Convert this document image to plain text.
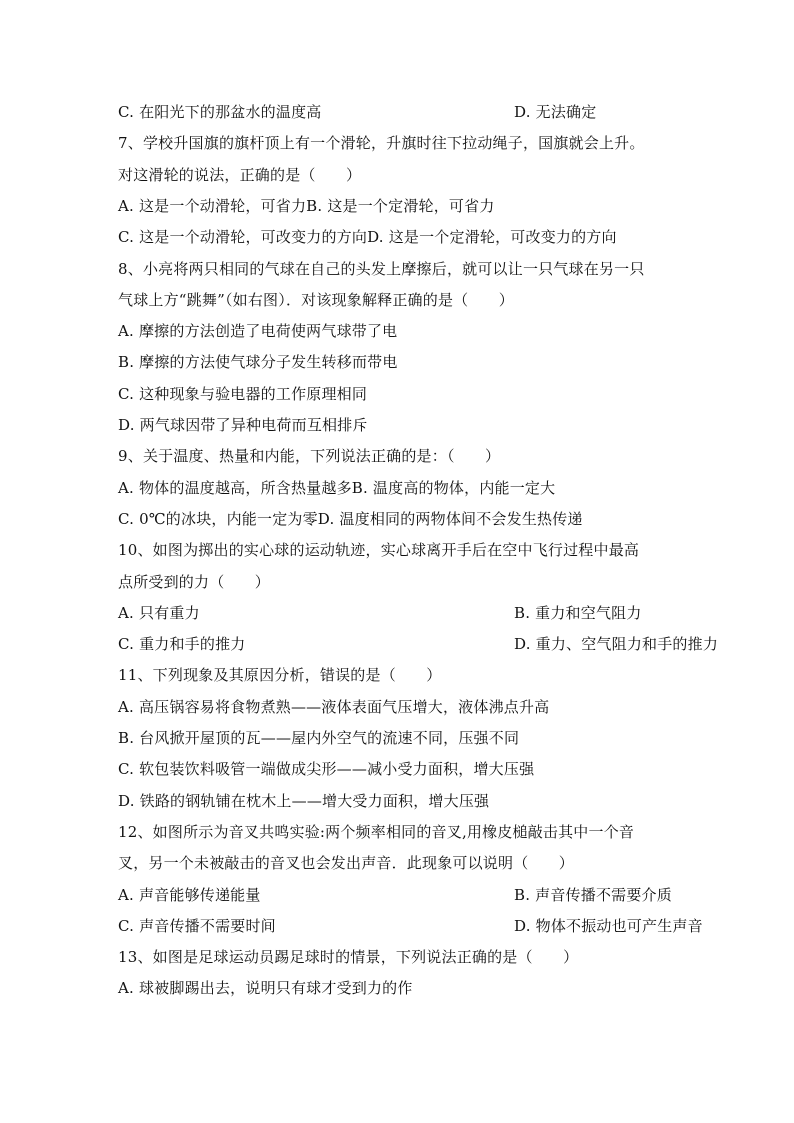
C. 在阳光下的那盆水的温度高	D. 无法确定
7、学校升国旗的旗杆顶上有一个滑轮，升旗时往下拉动绳子，国旗就会上升。
对这滑轮的说法，正确的是（　　）
A. 这是一个动滑轮，可省力B. 这是一个定滑轮，可省力
C. 这是一个动滑轮，可改变力的方向D. 这是一个定滑轮，可改变力的方向
8、小亮将两只相同的气球在自己的头发上摩擦后，就可以让一只气球在另一只
气球上方“跳舞”（如右图）．对该现象解释正确的是（　　）
A. 摩擦的方法创造了电荷使两气球带了电
B. 摩擦的方法使气球分子发生转移而带电
C. 这种现象与验电器的工作原理相同
D. 两气球因带了异种电荷而互相排斥
9、关于温度、热量和内能，下列说法正确的是：（　　）
A. 物体的温度越高，所含热量越多B. 温度高的物体，内能一定大
C. 0℃的冰块，内能一定为零D. 温度相同的两物体间不会发生热传递
10、如图为掷出的实心球的运动轨迹，实心球离开手后在空中飞行过程中最高
点所受到的力（　　）
A. 只有重力	B. 重力和空气阻力
C. 重力和手的推力	D. 重力、空气阻力和手的推力
11、下列现象及其原因分析，错误的是（　　）
A. 高压锅容易将食物煮熟——液体表面气压增大，液体沸点升高
B. 台风掀开屋顶的瓦——屋内外空气的流速不同，压强不同
C. 软包装饮料吸管一端做成尖形——减小受力面积，增大压强
D. 铁路的钢轨铺在枕木上——增大受力面积，增大压强
12、如图所示为音叉共鸣实验:两个频率相同的音叉,用橡皮槌敲击其中一个音
叉，另一个未被敲击的音叉也会发出声音．此现象可以说明（　　）
A. 声音能够传递能量	B. 声音传播不需要介质
C. 声音传播不需要时间	D. 物体不振动也可产生声音
13、如图是足球运动员踢足球时的情景，下列说法正确的是（　　）
A. 球被脚踢出去，说明只有球才受到力的作
